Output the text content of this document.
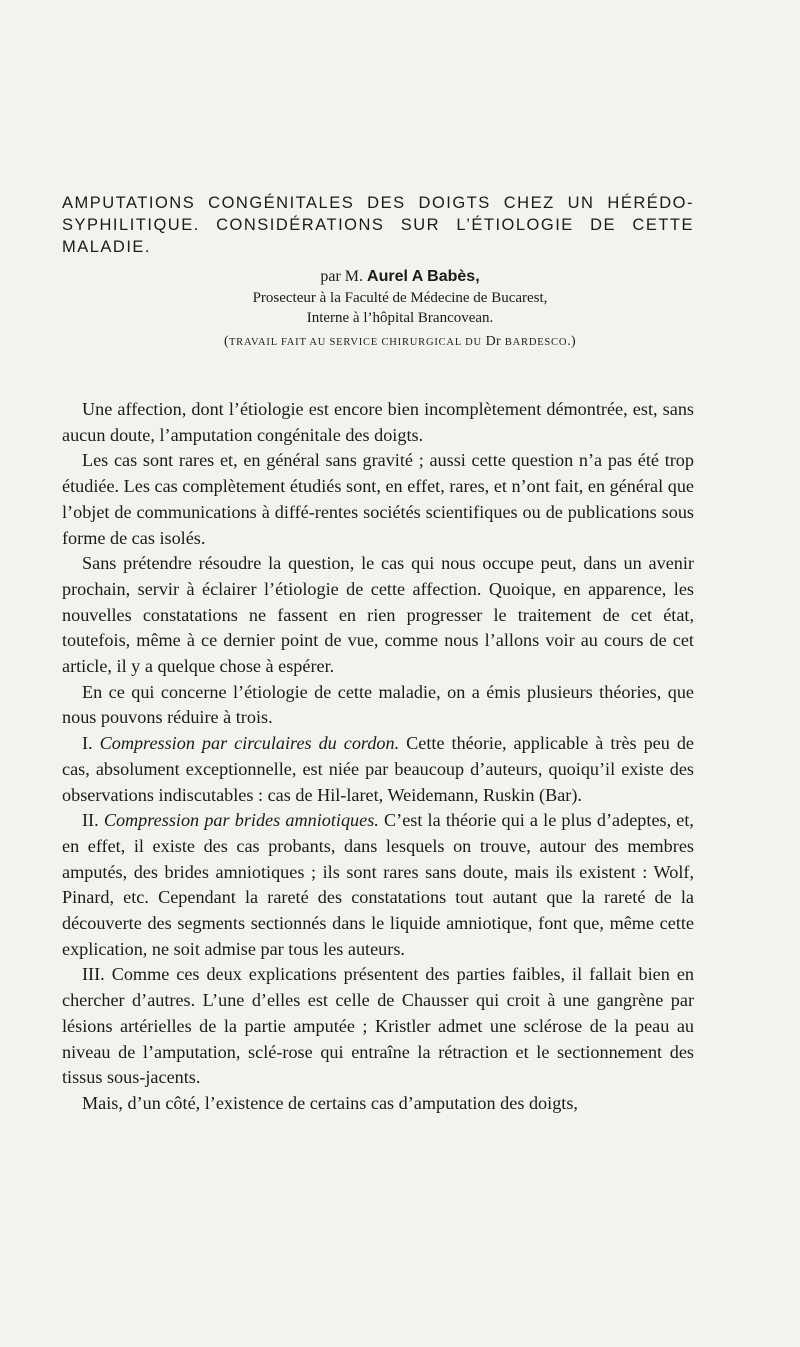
AMPUTATIONS CONGÉNITALES DES DOIGTS CHEZ UN HÉRÉDO-SYPHILITIQUE. CONSIDÉRATIONS SUR L’ÉTIOLOGIE DE CETTE MALADIE.

par M. Aurel A Babès,

Prosecteur à la Faculté de Médecine de Bucarest,

Interne à l’hôpital Brancovean.

(TRAVAIL FAIT AU SERVICE CHIRURGICAL DU Dr BARDESCO.)

Une affection, dont l’étiologie est encore bien incomplètement démontrée, est, sans aucun doute, l’amputation congénitale des doigts.

Les cas sont rares et, en général sans gravité ; aussi cette question n’a pas été trop étudiée. Les cas complètement étudiés sont, en effet, rares, et n’ont fait, en général que l’objet de communications à diffé-rentes sociétés scientifiques ou de publications sous forme de cas isolés.

Sans prétendre résoudre la question, le cas qui nous occupe peut, dans un avenir prochain, servir à éclairer l’étiologie de cette affection. Quoique, en apparence, les nouvelles constatations ne fassent en rien progresser le traitement de cet état, toutefois, même à ce dernier point de vue, comme nous l’allons voir au cours de cet article, il y a quelque chose à espérer.

En ce qui concerne l’étiologie de cette maladie, on a émis plusieurs théories, que nous pouvons réduire à trois.

I. Compression par circulaires du cordon. Cette théorie, applicable à très peu de cas, absolument exceptionnelle, est niée par beaucoup d’auteurs, quoiqu’il existe des observations indiscutables : cas de Hil-laret, Weidemann, Ruskin (Bar).

II. Compression par brides amniotiques. C’est la théorie qui a le plus d’adeptes, et, en effet, il existe des cas probants, dans lesquels on trouve, autour des membres amputés, des brides amniotiques ; ils sont rares sans doute, mais ils existent : Wolf, Pinard, etc. Cependant la rareté des constatations tout autant que la rareté de la découverte des segments sectionnés dans le liquide amniotique, font que, même cette explication, ne soit admise par tous les auteurs.

III. Comme ces deux explications présentent des parties faibles, il fallait bien en chercher d’autres. L’une d’elles est celle de Chausser qui croit à une gangrène par lésions artérielles de la partie amputée ; Kristler admet une sclérose de la peau au niveau de l’amputation, sclé-rose qui entraîne la rétraction et le sectionnement des tissus sous-jacents.

Mais, d’un côté, l’existence de certains cas d’amputation des doigts,
